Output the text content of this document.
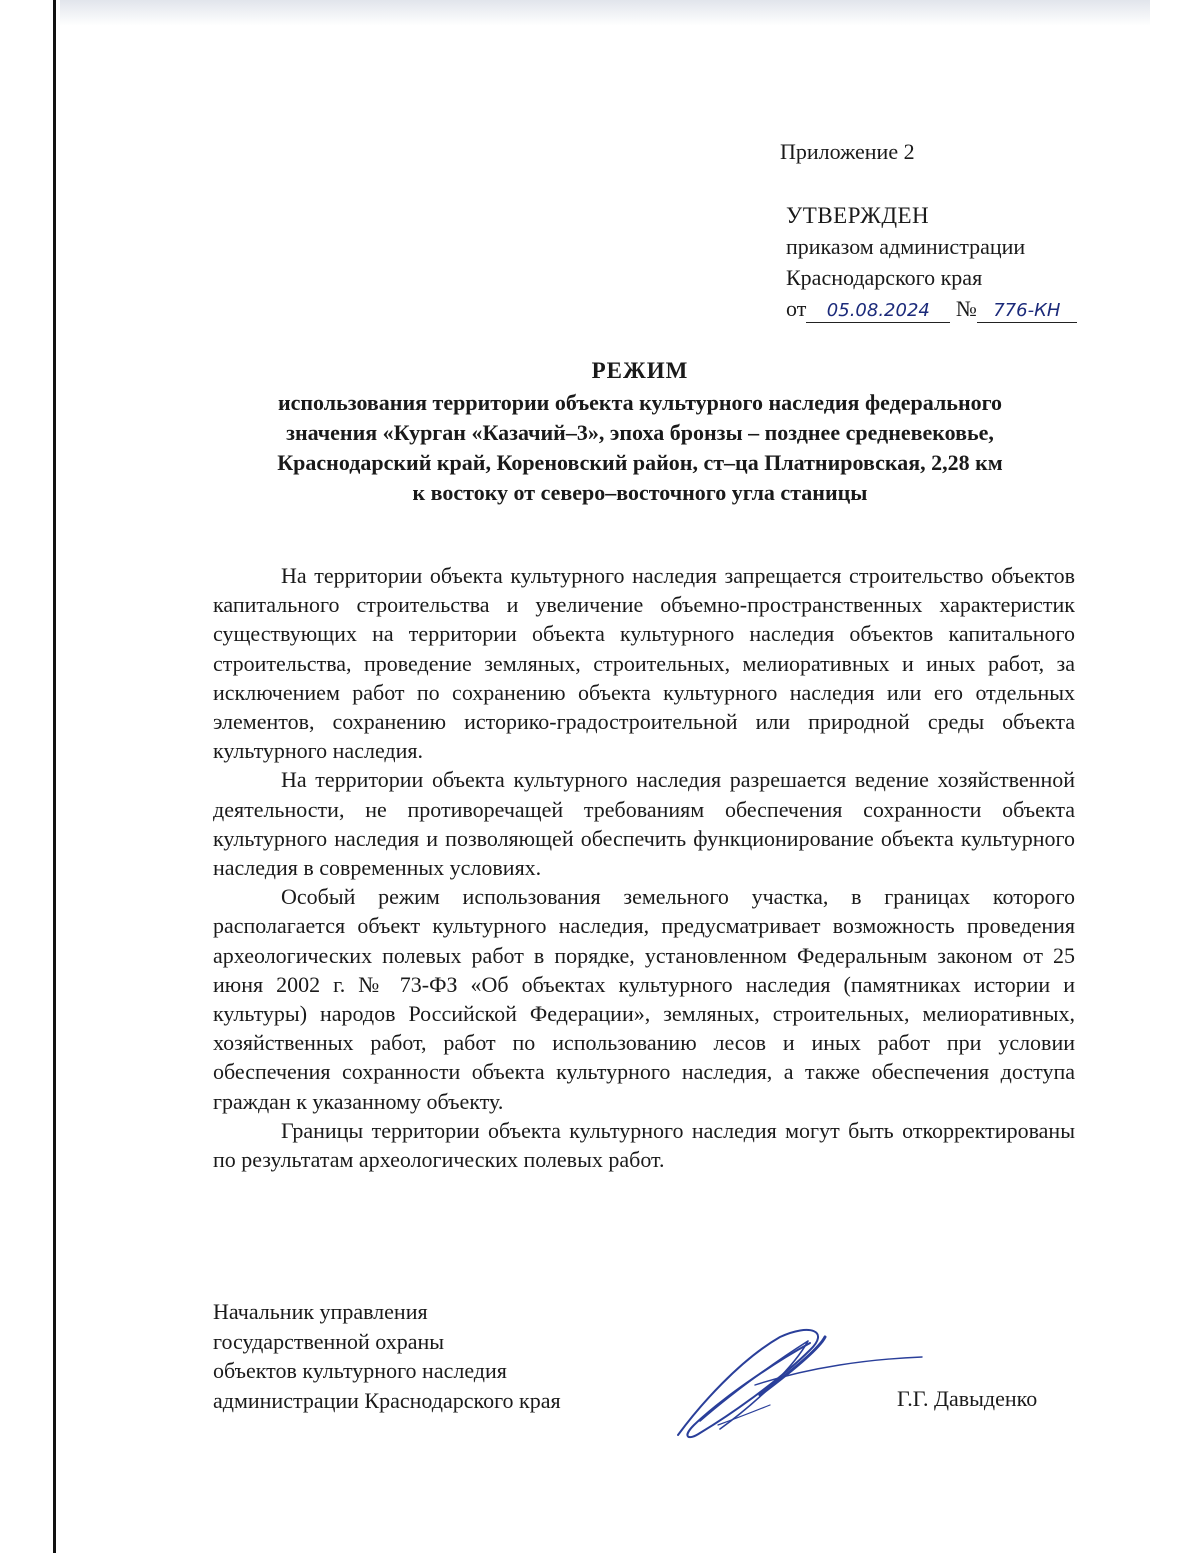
Приложение 2
УТВЕРЖДЕН
приказом администрации
Краснодарского края
от 05.08.2024 № 776-КН
РЕЖИМ
использования территории объекта культурного наследия федерального
значения «Курган «Казачий–3», эпоха бронзы – позднее средневековье,
Краснодарский край, Кореновский район, ст–ца Платнировская, 2,28 км
к востоку от северо–восточного угла станицы

На территории объекта культурного наследия запрещается строительство объектов капитального строительства и увеличение объемно-пространственных характеристик существующих на территории объекта культурного наследия объектов капитального строительства, проведение земляных, строительных, мелиоративных и иных работ, за исключением работ по сохранению объекта культурного наследия или его отдельных элементов, сохранению историко-градостроительной или природной среды объекта культурного наследия.

На территории объекта культурного наследия разрешается ведение хозяйственной деятельности, не противоречащей требованиям обеспечения сохранности объекта культурного наследия и позволяющей обеспечить функционирование объекта культурного наследия в современных условиях.

Особый режим использования земельного участка, в границах которого располагается объект культурного наследия, предусматривает возможность проведения археологических полевых работ в порядке, установленном Федеральным законом от 25 июня 2002 г. № 73-ФЗ «Об объектах культурного наследия (памятниках истории и культуры) народов Российской Федерации», земляных, строительных, мелиоративных, хозяйственных работ, работ по использованию лесов и иных работ при условии обеспечения сохранности объекта культурного наследия, а также обеспечения доступа граждан к указанному объекту.

Границы территории объекта культурного наследия могут быть откорректированы по результатам археологических полевых работ.

Начальник управления
государственной охраны
объектов культурного наследия
администрации Краснодарского края	Г.Г. Давыденко
